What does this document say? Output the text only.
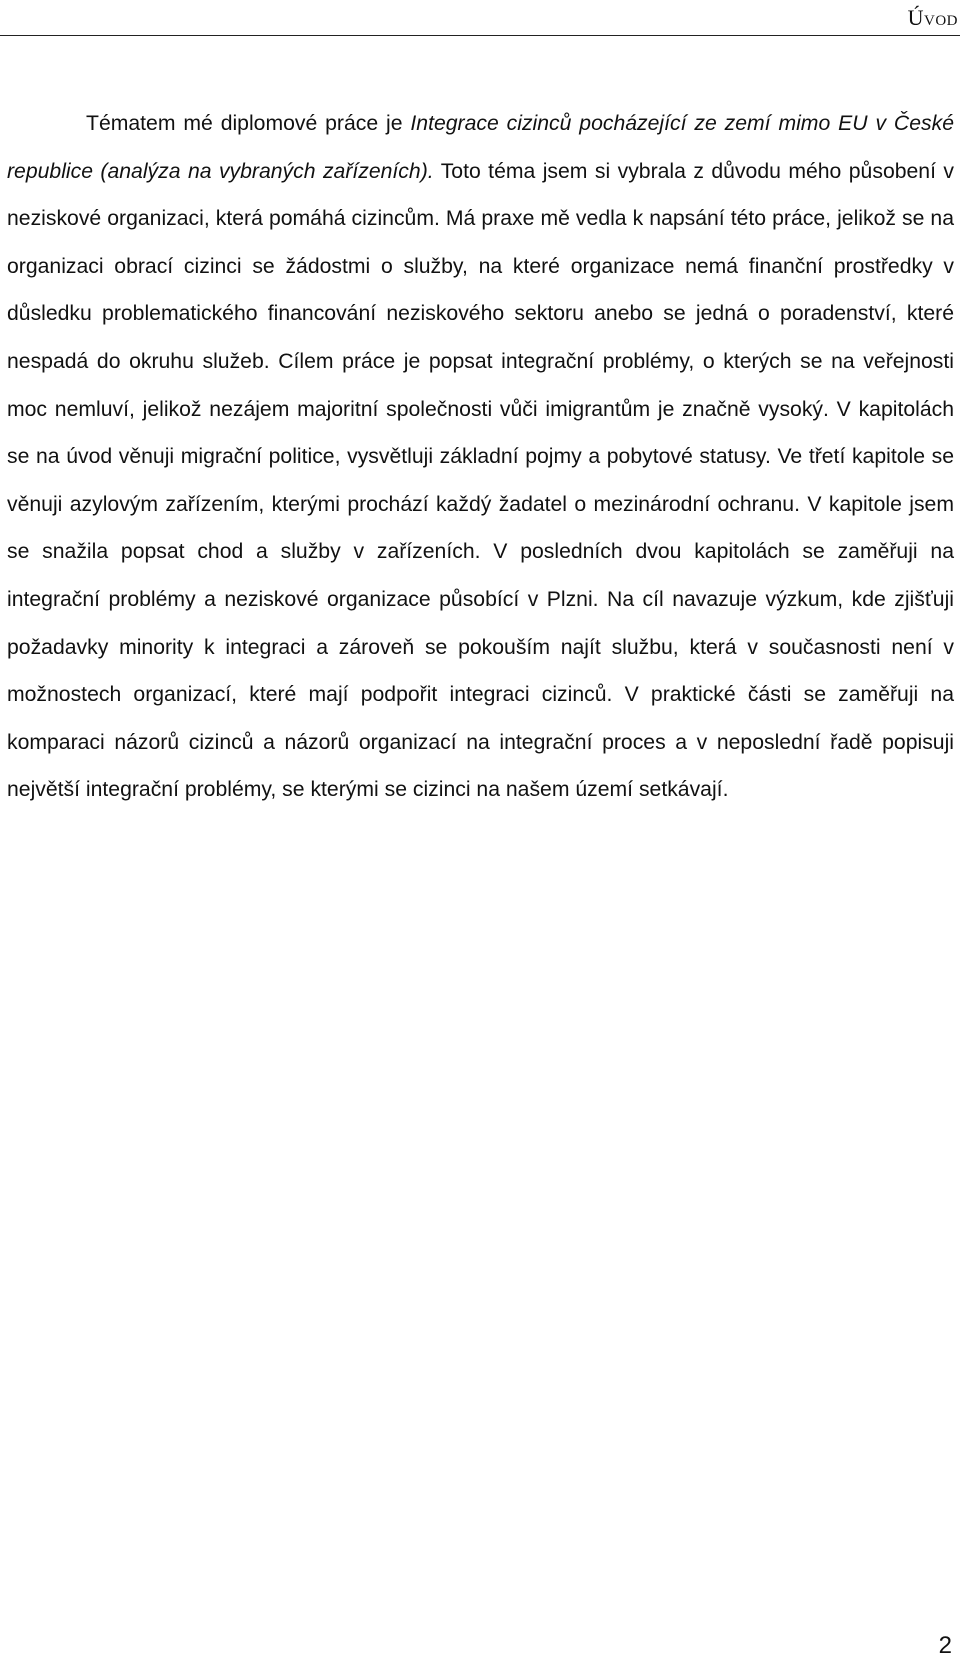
Úvod

Tématem mé diplomové práce je Integrace cizinců pocházející ze zemí mimo EU v České republice (analýza na vybraných zařízeních). Toto téma jsem si vybrala z důvodu mého působení v neziskové organizaci, která pomáhá cizincům. Má praxe mě vedla k napsání této práce, jelikož se na organizaci obrací cizinci se žádostmi o služby, na které organizace nemá finanční prostředky v důsledku problematického financování neziskového sektoru anebo se jedná o poradenství, které nespadá do okruhu služeb. Cílem práce je popsat integrační problémy, o kterých se na veřejnosti moc nemluví, jelikož nezájem majoritní společnosti vůči imigrantům je značně vysoký. V kapitolách se na úvod věnuji migrační politice, vysvětluji základní pojmy a pobytové statusy. Ve třetí kapitole se věnuji azylovým zařízením, kterými prochází každý žadatel o mezinárodní ochranu. V kapitole jsem se snažila popsat chod a služby v zařízeních. V posledních dvou kapitolách se zaměřuji na integrační problémy a neziskové organizace působící v Plzni. Na cíl navazuje výzkum, kde zjišťuji požadavky minority k integraci a zároveň se pokouším najít službu, která v současnosti není v možnostech organizací, které mají podpořit integraci cizinců. V praktické části se zaměřuji na komparaci názorů cizinců a názorů organizací na integrační proces a v neposlední řadě popisuji největší integrační problémy, se kterými se cizinci na našem území setkávají.

2
